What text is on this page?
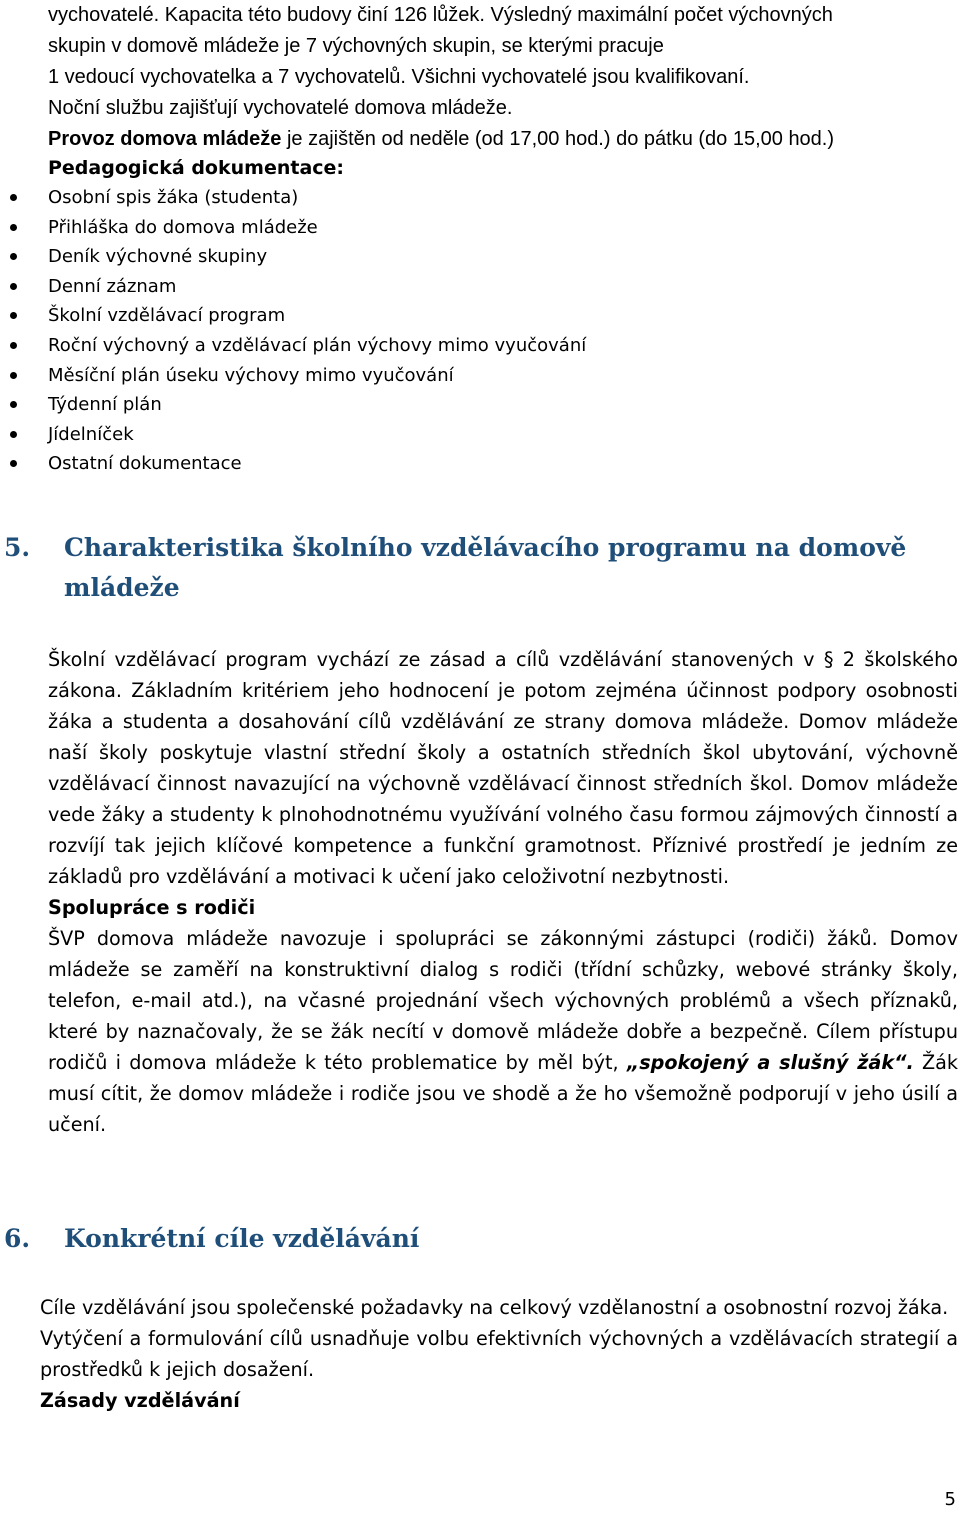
vychovatelé. Kapacita této budovy činí 126 lůžek. Výsledný maximální počet výchovných

skupin v domově mládeže je 7 výchovných skupin, se kterými pracuje

1 vedoucí vychovatelka a 7 vychovatelů. Všichni vychovatelé jsou kvalifikovaní.

Noční službu zajišťují vychovatelé domova mládeže.

Provoz domova mládeže je zajištěn od neděle (od 17,00 hod.) do pátku (do 15,00 hod.)

Pedagogická dokumentace:

Osobní spis žáka (studenta)
Přihláška do domova mládeže
Deník výchovné skupiny
Denní záznam
Školní vzdělávací program
Roční výchovný a vzdělávací plán výchovy mimo vyučování
Měsíční plán úseku výchovy mimo vyučování
Týdenní plán
Jídelníček
Ostatní dokumentace
5. Charakteristika školního vzdělávacího programu na domově mládeže

Školní vzdělávací program vychází ze zásad a cílů vzdělávání stanovených v § 2 školského zákona. Základním kritériem jeho hodnocení je potom zejména účinnost podpory osobnosti žáka a studenta a dosahování cílů vzdělávání ze strany domova mládeže. Domov mládeže naší školy poskytuje vlastní střední školy a ostatních středních škol ubytování, výchovně vzdělávací činnost navazující na výchovně vzdělávací činnost středních škol. Domov mládeže vede žáky a studenty k plnohodnotnému využívání volného času formou zájmových činností a rozvíjí tak jejich klíčové kompetence a funkční gramotnost. Příznivé prostředí je jedním ze základů pro vzdělávání a motivaci k učení jako celoživotní nezbytnosti.

Spolupráce s rodiči

ŠVP domova mládeže navozuje i spolupráci se zákonnými zástupci (rodiči) žáků. Domov mládeže se zaměří na konstruktivní dialog s rodiči (třídní schůzky, webové stránky školy, telefon, e-mail atd.), na včasné projednání všech výchovných problémů a všech příznaků, které by naznačovaly, že se žák necítí v domově mládeže dobře a bezpečně. Cílem přístupu rodičů i domova mládeže k této problematice by měl být, „spokojený a slušný žák“. Žák musí cítit, že domov mládeže i rodiče jsou ve shodě a že ho všemožně podporují v jeho úsilí a učení.

6. Konkrétní cíle vzdělávání

Cíle vzdělávání jsou společenské požadavky na celkový vzdělanostní a osobnostní rozvoj žáka.

Vytýčení a formulování cílů usnadňuje volbu efektivních výchovných a vzdělávacích strategií a prostředků k jejich dosažení.

Zásady vzdělávání

5
